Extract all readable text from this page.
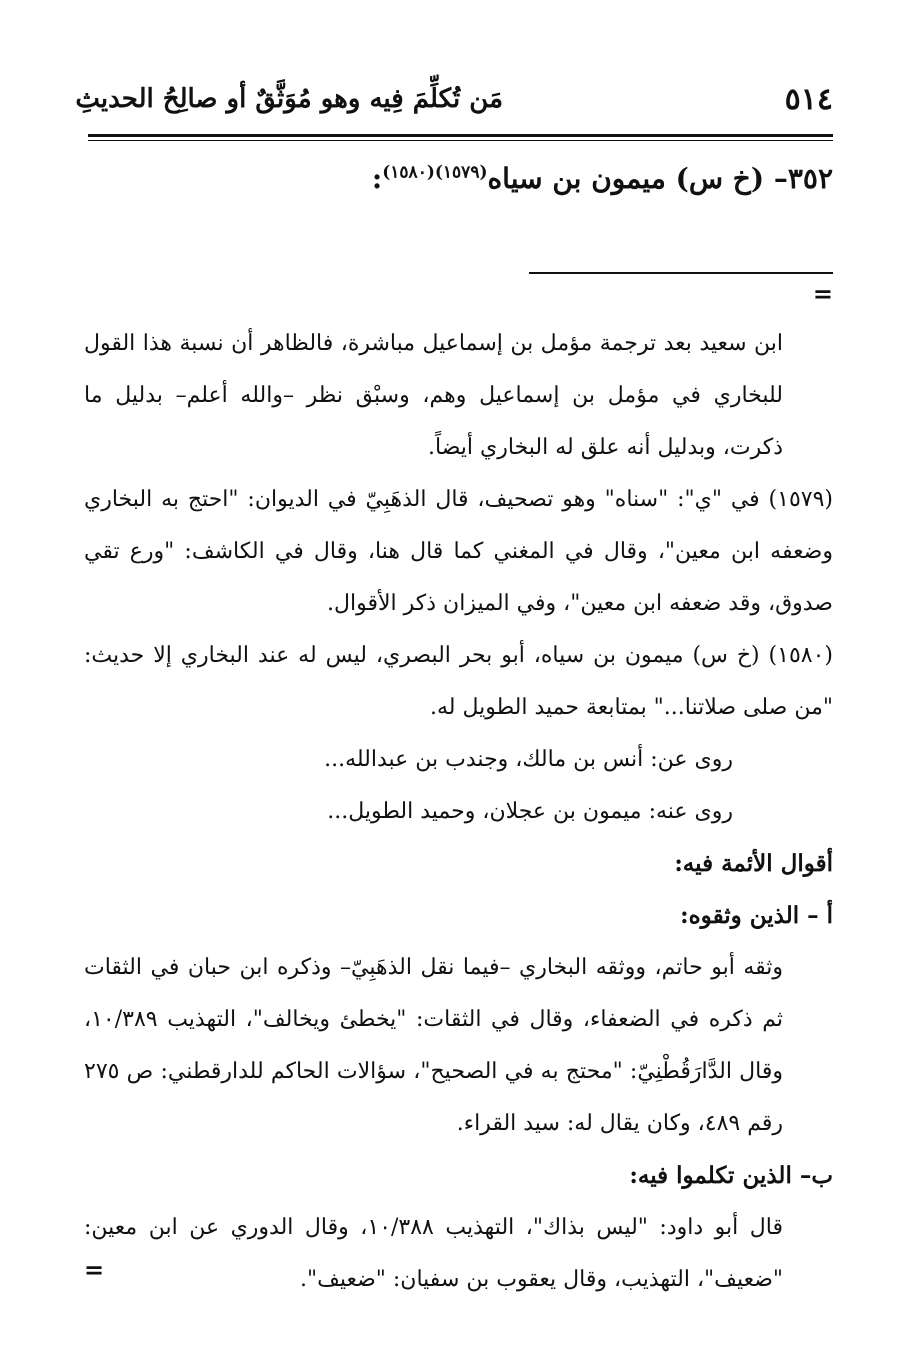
٥١٤
مَن تُكلِّمَ فِيه وهو مُوَثَّقٌ أو صالِحُ الحديثِ
٣٥٢– (خ س) ميمون بن سياه$^{(١٥٧٩)(١٥٨٠)}$:
=

ابن سعيد بعد ترجمة مؤمل بن إسماعيل مباشرة، فالظاهر أن نسبة هذا القول للبخاري في مؤمل بن إسماعيل وهم، وسبْق نظر –والله أعلم– بدليل ما ذكرت، وبدليل أنه علق له البخاري أيضاً.

(١٥٧٩) في "ي": "سناه" وهو تصحيف، قال الذهَبِيّ في الديوان: "احتج به البخاري وضعفه ابن معين"، وقال في المغني كما قال هنا، وقال في الكاشف: "ورع تقي صدوق، وقد ضعفه ابن معين"، وفي الميزان ذكر الأقوال.

(١٥٨٠) (خ س) ميمون بن سياه، أبو بحر البصري، ليس له عند البخاري إلا حديث: "من صلى صلاتنا..." بمتابعة حميد الطويل له.

روى عن: أنس بن مالك، وجندب بن عبدالله...

روى عنه: ميمون بن عجلان، وحميد الطويل...

أقوال الأئمة فيه:

أ – الذين وثقوه:

وثقه أبو حاتم، ووثقه البخاري –فيما نقل الذهَبِيّ– وذكره ابن حبان في الثقات ثم ذكره في الضعفاء، وقال في الثقات: "يخطئ ويخالف"، التهذيب ١٠/٣٨٩، وقال الدَّارَقُطْنِيّ: "محتج به في الصحيح"، سؤالات الحاكم للدارقطني: ص ٢٧٥ رقم ٤٨٩، وكان يقال له: سيد القراء.

ب– الذين تكلموا فيه:

قال أبو داود: "ليس بذاك"، التهذيب ١٠/٣٨٨، وقال الدوري عن ابن معين: "ضعيف"، التهذيب، وقال يعقوب بن سفيان: "ضعيف".

=
